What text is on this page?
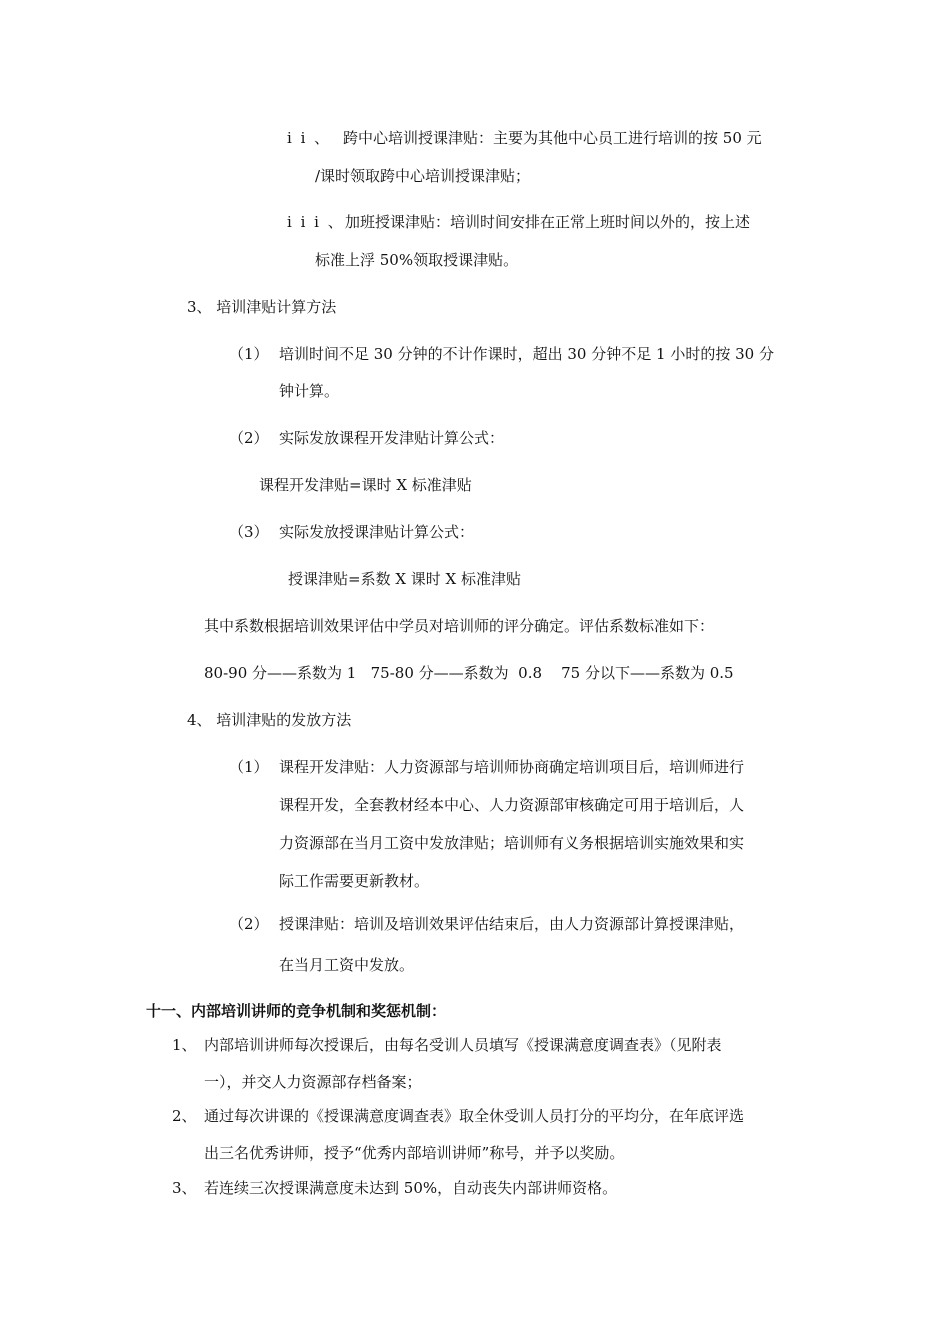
i i 、 跨中心培训授课津贴：主要为其他中心员工进行培训的按 50 元
/课时领取跨中心培训授课津贴；
i i i 、 加班授课津贴：培训时间安排在正常上班时间以外的，按上述
标准上浮 50%领取授课津贴。
3、 培训津贴计算方法
（1） 培训时间不足 30 分钟的不计作课时，超出 30 分钟不足 1 小时的按 30 分
钟计算。
（2） 实际发放课程开发津贴计算公式：
课程开发津贴=课时 X 标准津贴
（3） 实际发放授课津贴计算公式：
授课津贴=系数 X 课时 X 标准津贴
其中系数根据培训效果评估中学员对培训师的评分确定。评估系数标准如下：
80-90 分——系数为 1   75-80 分——系数为  0.8    75 分以下——系数为 0.5
4、 培训津贴的发放方法
（1） 课程开发津贴：人力资源部与培训师协商确定培训项目后，培训师进行
课程开发，全套教材经本中心、人力资源部审核确定可用于培训后，人
力资源部在当月工资中发放津贴；培训师有义务根据培训实施效果和实
际工作需要更新教材。
（2） 授课津贴：培训及培训效果评估结束后，由人力资源部计算授课津贴，
在当月工资中发放。
十一、内部培训讲师的竞争机制和奖惩机制：
1、 内部培训讲师每次授课后，由每名受训人员填写《授课满意度调查表》（见附表
一），并交人力资源部存档备案；
2、 通过每次讲课的《授课满意度调查表》取全休受训人员打分的平均分，在年底评选
出三名优秀讲师，授予“优秀内部培训讲师”称号，并予以奖励。
3、 若连续三次授课满意度未达到 50%，自动丧失内部讲师资格。
